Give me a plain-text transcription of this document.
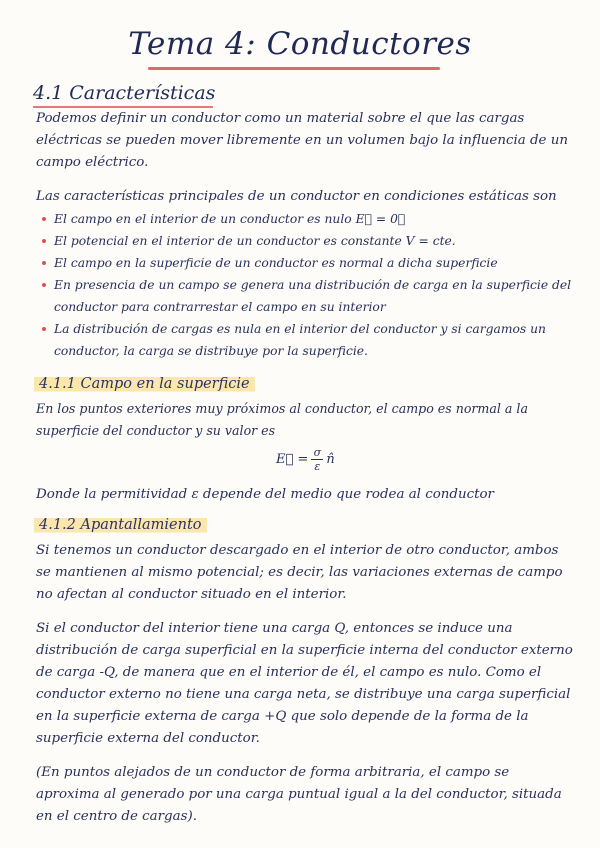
Tema 4: Conductores
4.1 Características

Podemos definir un conductor como un material sobre el que las cargas eléctricas se pueden mover libremente en un volumen bajo la influencia de un campo eléctrico.

Las características principales de un conductor en condiciones estáticas son

El campo en el interior de un conductor es nulo E⃗ = 0⃗
El potencial en el interior de un conductor es constante V = cte.
El campo en la superficie de un conductor es normal a dicha superficie
En presencia de un campo se genera una distribución de carga en la superficie del conductor para contrarrestar el campo en su interior
La distribución de cargas es nula en el interior del conductor y si cargamos un conductor, la carga se distribuye por la superficie.
4.1.1 Campo en la superficie

En los puntos exteriores muy próximos al conductor, el campo es normal a la superficie del conductor y su valor es

E⃗ = $\frac{\sigma}{\varepsilon}$ n̂

Donde la permitividad ε depende del medio que rodea al conductor

4.1.2 Apantallamiento

Si tenemos un conductor descargado en el interior de otro conductor, ambos se mantienen al mismo potencial; es decir, las variaciones externas de campo no afectan al conductor situado en el interior.

Si el conductor del interior tiene una carga Q, entonces se induce una distribución de carga superficial en la superficie interna del conductor externo de carga -Q, de manera que en el interior de él, el campo es nulo. Como el conductor externo no tiene una carga neta, se distribuye una carga superficial en la superficie externa de carga +Q que solo depende de la forma de la superficie externa del conductor.

(En puntos alejados de un conductor de forma arbitraria, el campo se aproxima al generado por una carga puntual igual a la del conductor, situada en el centro de cargas).
